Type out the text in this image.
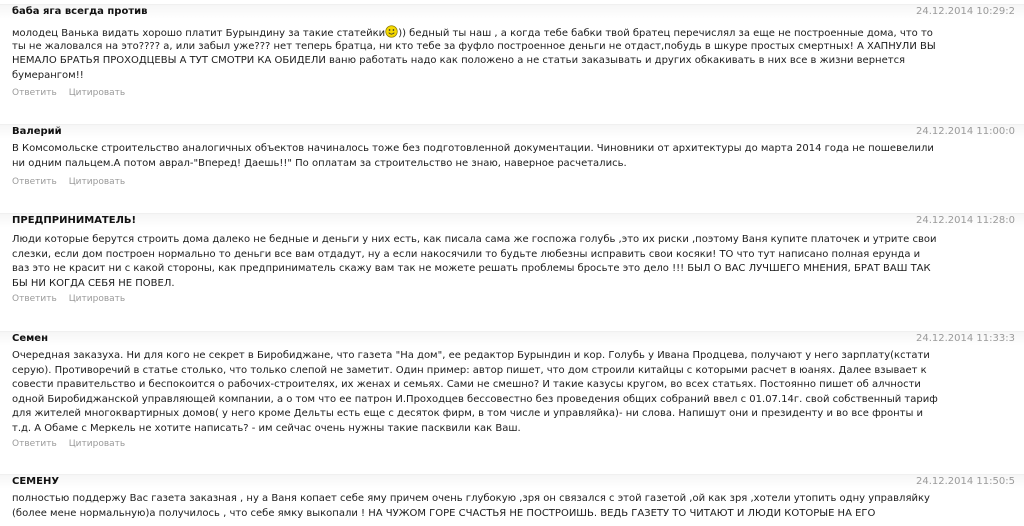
баба яга всегда против	24.12.2014 10:29:2
молодец Ванька видать хорошо платит Бурындину за такие статейки )) бедный ты наш , а когда тебе бабки твой братец перечислял за еще не построенные дома, что то
ты не жаловался на это???? а, или забыл уже??? нет теперь братца, ни кто тебе за фуфло построенное деньги не отдаст,побудь в шкуре простых смертных! А ХАПНУЛИ ВЫ
НЕМАЛО БРАТЬЯ ПРОХОДЦЕВЫ А ТУТ СМОТРИ КА ОБИДЕЛИ ваню работать надо как положено а не статьи заказывать и других обкакивать в них все в жизни вернется
бумерангом!!
Ответить Цитировать
Валерий	24.12.2014 11:00:0
В Комсомольске строительство аналогичных объектов начиналось тоже без подготовленной документации. Чиновники от архитектуры до марта 2014 года не пошевелили
ни одним пальцем.А потом аврал-"Вперед! Даешь!!" По оплатам за строительство не знаю, наверное расчетались.
Ответить Цитировать
ПРЕДПРИНИМАТЕЛЬ!	24.12.2014 11:28:0
Люди которые берутся строить дома далеко не бедные и деньги у них есть, как писала сама же госпожа голубь ,это их риски ,поэтому Ваня купите платочек и утрите свои
слезки, если дом построен нормально то деньги все вам отдадут, ну а если накосячили то будьте любезны исправить свои косяки! ТО что тут написано полная ерунда и
ваз это не красит ни с какой стороны, как предприниматель скажу вам так не можете решать проблемы бросьте это дело !!! БЫЛ О ВАС ЛУЧШЕГО МНЕНИЯ, БРАТ ВАШ ТАК
БЫ НИ КОГДА СЕБЯ НЕ ПОВЕЛ.
Ответить Цитировать
Семен	24.12.2014 11:33:3
Очередная заказуха. Ни для кого не секрет в Биробиджане, что газета "На дом", ее редактор Бурындин и кор. Голубь у Ивана Продцева, получают у него зарплату(кстати
серую). Противоречий в статье столько, что только слепой не заметит. Один пример: автор пишет, что дом строили китайцы с которыми расчет в юанях. Далее взывает к
совести правительство и беспокоится о рабочих-строителях, их женах и семьях. Сами не смешно? И такие казусы кругом, во всех статьях. Постоянно пишет об алчности
одной Биробиджанской управляющей компании, а о том что ее патрон И.Проходцев бессовестно без проведения общих собраний ввел с 01.07.14г. свой собственный тариф
для жителей многоквартирных домов( у него кроме Дельты есть еще с десяток фирм, в том числе и управляйка)- ни слова. Напишут они и президенту и во все фронты и
т.д. А Обаме с Меркель не хотите написать? - им сейчас очень нужны такие пасквили как Ваш.
Ответить Цитировать
СЕМЕНУ	24.12.2014 11:50:5
полностью поддержу Вас газета заказная , ну а Ваня копает себе яму причем очень глубокую ,зря он связался с этой газетой ,ой как зря ,хотели утопить одну управляйку
(более мене нормальную)а получилось , что себе ямку выкопали ! НА ЧУЖОМ ГОРЕ СЧАСТЬЯ НЕ ПОСТРОИШЬ. ВЕДЬ ГАЗЕТУ ТО ЧИТАЮТ И ЛЮДИ КОТОРЫЕ НА ЕГО
